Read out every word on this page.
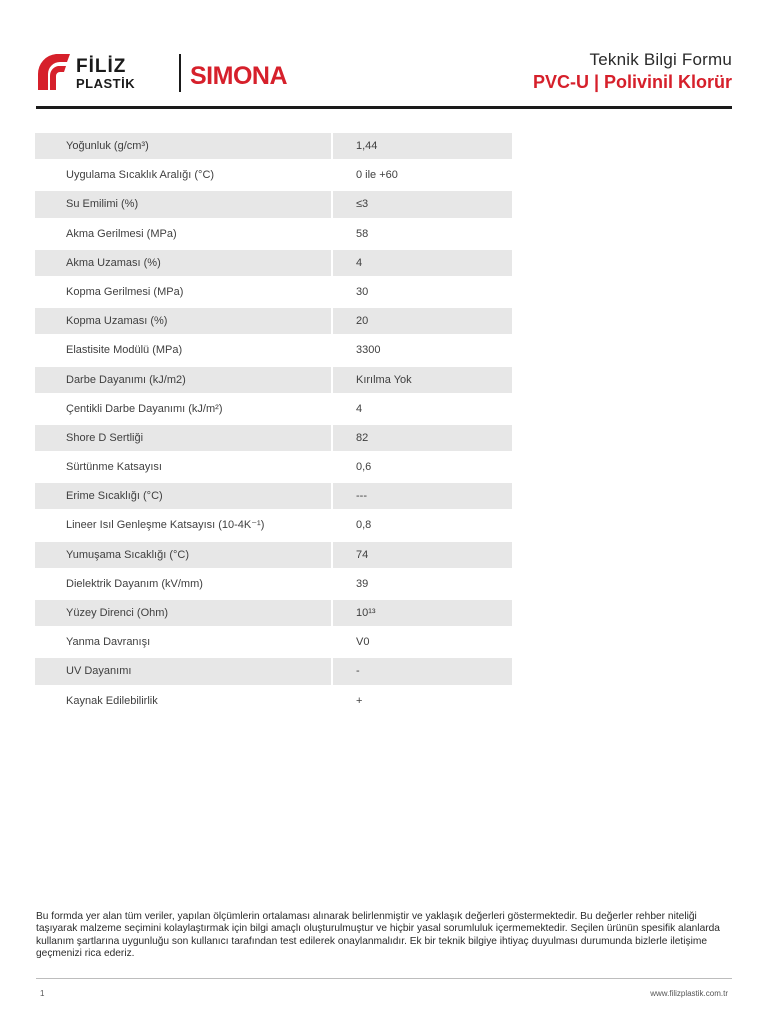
FİLİZ
PLASTİK SIMONA
Teknik Bilgi Formu
PVC-U | Polivinil Klorür
Yoğunluk (g/cm³)	1,44
Uygulama Sıcaklık Aralığı (°C)	0 ile +60
Su Emilimi (%)	≤3
Akma Gerilmesi (MPa)	58
Akma Uzaması (%)	4
Kopma Gerilmesi (MPa)	30
Kopma Uzaması (%)	20
Elastisite Modülü (MPa)	3300
Darbe Dayanımı (kJ/m2)	Kırılma Yok
Çentikli Darbe Dayanımı (kJ/m²)	4
Shore D Sertliği	82
Sürtünme Katsayısı	0,6
Erime Sıcaklığı (°C)	---
Lineer Isıl Genleşme Katsayısı (10-4K⁻¹)	0,8
Yumuşama Sıcaklığı (°C)	74
Dielektrik Dayanım (kV/mm)	39
Yüzey Direnci (Ohm)	10¹³
Yanma Davranışı	V0
UV Dayanımı	-
Kaynak Edilebilirlik	+
Bu formda yer alan tüm veriler, yapılan ölçümlerin ortalaması alınarak belirlenmiştir ve yaklaşık değerleri göstermektedir. Bu değerler rehber niteliği taşıyarak malzeme seçimini kolaylaştırmak için bilgi amaçlı oluşturulmuştur ve hiçbir yasal sorumluluk içermemektedir. Seçilen ürünün spesifik alanlarda kullanım şartlarına uygunluğu son kullanıcı tarafından test edilerek onaylanmalıdır. Ek bir teknik bilgiye ihtiyaç duyulması durumunda bizlerle iletişime geçmenizi rica ederiz.
1	www.filizplastik.com.tr
